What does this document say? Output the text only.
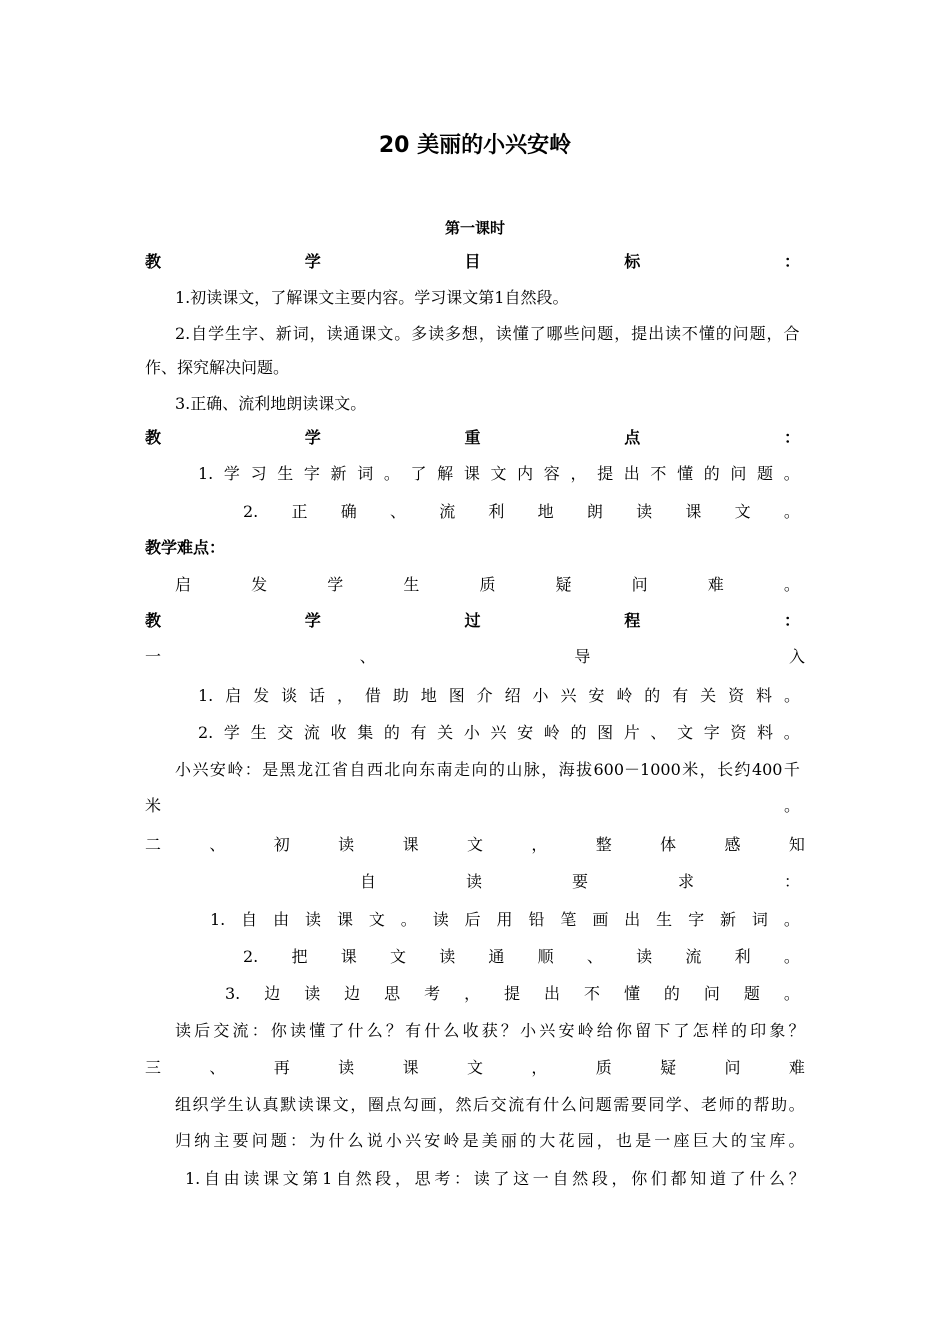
20 美丽的小兴安岭
第一课时
教	学	目	标	：
1.初读课文，了解课文主要内容。学习课文第1自然段。
2. 自 学 生 字 、 新 词 ， 读 通 课 文 。 多 读 多 想 ， 读 懂 了 哪 些 问 题 ， 提 出 读 不 懂 的 问 题 ， 合
作、探究解决问题。
3.正确、流利地朗读课文。
教	学	重	点	：
1. 学 习 生 字 新 词 。 了 解 课 文 内 容 ， 提 出 不 懂 的 问 题 。
2. 正 确 、 流 利 地 朗 读 课 文 。
教学难点：
启	发	学	生	质	疑	问	难	。
教	学	过	程	：
一	、	导	入
1. 启 发 谈 话 ， 借 助 地 图 介 绍 小 兴 安 岭 的 有 关 资 料 。
2. 学 生 交 流 收 集 的 有 关 小 兴 安 岭 的 图 片 、 文 字 资 料 。
小 兴 安 岭 ： 是 黑 龙 江 省 自 西 北 向 东 南 走 向 的 山 脉 ， 海 拔 600－1000 米 ， 长 约 400 千
米	。
二	、	初	读	课	文	，	整	体	感	知
自	读	要	求	：
1. 自 由 读 课 文 。 读 后 用 铅 笔 画 出 生 字 新 词 。
2. 把 课 文 读 通 顺 、 读 流 利 。
3. 边 读 边 思 考 ， 提 出 不 懂 的 问 题 。
读 后 交 流 ： 你 读 懂 了 什 么 ？ 有 什 么 收 获 ？ 小 兴 安 岭 给 你 留 下 了 怎 样 的 印 象 ？
三	、	再	读	课	文	，	质	疑	问	难
组 织 学 生 认 真 默 读 课 文 ， 圈 点 勾 画 ， 然 后 交 流 有 什 么 问 题 需 要 同 学 、 老 师 的 帮 助 。
归 纳 主 要 问 题 ： 为 什 么 说 小 兴 安 岭 是 美 丽 的 大 花 园 ， 也 是 一 座 巨 大 的 宝 库 。
1. 自 由 读 课 文 第 1 自 然 段 ， 思 考 ： 读 了 这 一 自 然 段 ， 你 们 都 知 道 了 什 么 ？
